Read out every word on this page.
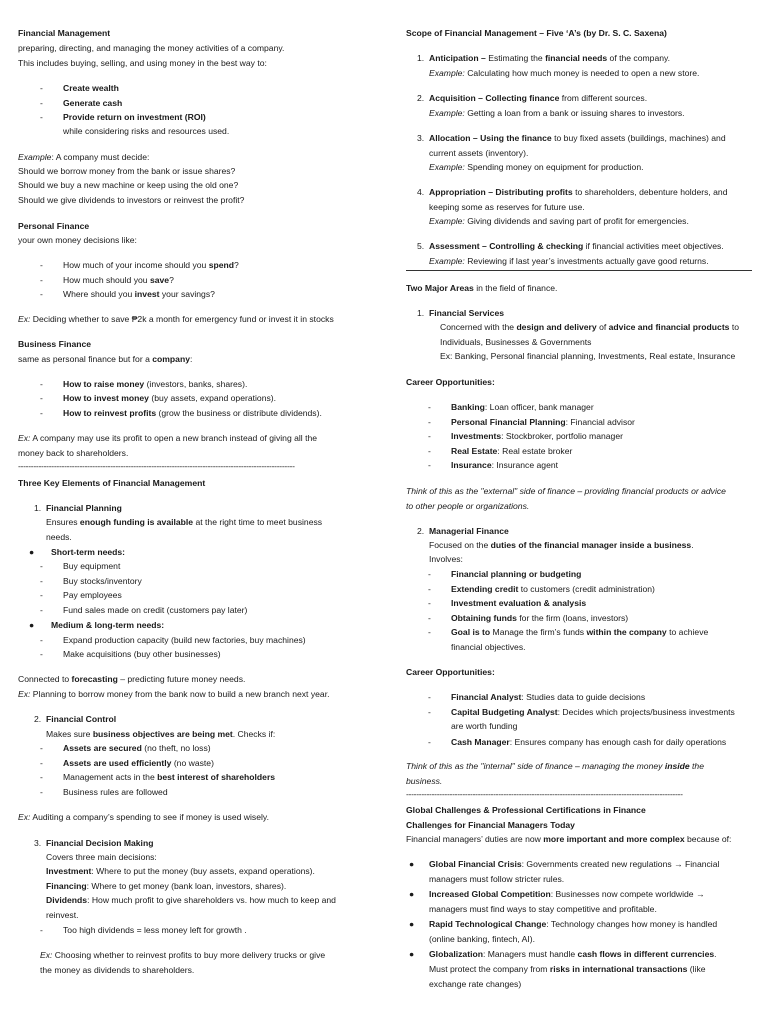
Financial Management
preparing, directing, and managing the money activities of a company.
This includes buying, selling, and using money in the best way to:
- Create wealth
- Generate cash
- Provide return on investment (ROI)
while considering risks and resources used.
Example: A company must decide:
Should we borrow money from the bank or issue shares?
Should we buy a new machine or keep using the old one?
Should we give dividends to investors or reinvest the profit?
Personal Finance
your own money decisions like:
- How much of your income should you spend?
- How much should you save?
- Where should you invest your savings?
Ex: Deciding whether to save ₱2k a month for emergency fund or invest it in stocks
Business Finance
same as personal finance but for a company:
- How to raise money (investors, banks, shares).
- How to invest money (buy assets, expand operations).
- How to reinvest profits (grow the business or distribute dividends).
Ex: A company may use its profit to open a new branch instead of giving all the
money back to shareholders.
------------------------------------------------------------------------------------------------------------
Three Key Elements of Financial Management
1. Financial Planning
Ensures enough funding is available at the right time to meet business
needs.
● Short-term needs:
- Buy equipment
- Buy stocks/inventory
- Pay employees
- Fund sales made on credit (customers pay later)
● Medium & long-term needs:
- Expand production capacity (build new factories, buy machines)
- Make acquisitions (buy other businesses)
Connected to forecasting – predicting future money needs.
Ex: Planning to borrow money from the bank now to build a new branch next year.
2. Financial Control
Makes sure business objectives are being met. Checks if:
- Assets are secured (no theft, no loss)
- Assets are used efficiently (no waste)
- Management acts in the best interest of shareholders
- Business rules are followed
Ex: Auditing a company’s spending to see if money is used wisely.
3. Financial Decision Making
Covers three main decisions:
Investment: Where to put the money (buy assets, expand operations).
Financing: Where to get money (bank loan, investors, shares).
Dividends: How much profit to give shareholders vs. how much to keep and
reinvest.
- Too high dividends = less money left for growth .
Ex: Choosing whether to reinvest profits to buy more delivery trucks or give
the money as dividends to shareholders.
Scope of Financial Management – Five ‘A’s (by Dr. S. C. Saxena)
1. Anticipation – Estimating the financial needs of the company.
Example: Calculating how much money is needed to open a new store.
2. Acquisition – Collecting finance from different sources.
Example: Getting a loan from a bank or issuing shares to investors.
3. Allocation – Using the finance to buy fixed assets (buildings, machines) and
current assets (inventory).
Example: Spending money on equipment for production.
4. Appropriation – Distributing profits to shareholders, debenture holders, and
keeping some as reserves for future use.
Example: Giving dividends and saving part of profit for emergencies.
5. Assessment – Controlling & checking if financial activities meet objectives.
Example: Reviewing if last year’s investments actually gave good returns.
Two Major Areas in the field of finance.
1. Financial Services
Concerned with the design and delivery of advice and financial products to
Individuals, Businesses & Governments
Ex: Banking, Personal financial planning, Investments, Real estate, Insurance
Career Opportunities:
- Banking: Loan officer, bank manager
- Personal Financial Planning: Financial advisor
- Investments: Stockbroker, portfolio manager
- Real Estate: Real estate broker
- Insurance: Insurance agent
Think of this as the "external" side of finance – providing financial products or advice
to other people or organizations.
2. Managerial Finance
Focused on the duties of the financial manager inside a business.
Involves:
- Financial planning or budgeting
- Extending credit to customers (credit administration)
- Investment evaluation & analysis
- Obtaining funds for the firm (loans, investors)
- Goal is to Manage the firm’s funds within the company to achieve
financial objectives.
Career Opportunities:
- Financial Analyst: Studies data to guide decisions
- Capital Budgeting Analyst: Decides which projects/business investments
are worth funding
- Cash Manager: Ensures company has enough cash for daily operations
Think of this as the "internal" side of finance – managing the money inside the
business.
------------------------------------------------------------------------------------------------------------
Global Challenges & Professional Certifications in Finance
Challenges for Financial Managers Today
Financial managers’ duties are now more important and more complex because of:
● Global Financial Crisis: Governments created new regulations → Financial
managers must follow stricter rules.
● Increased Global Competition: Businesses now compete worldwide →
managers must find ways to stay competitive and profitable.
● Rapid Technological Change: Technology changes how money is handled
(online banking, fintech, AI).
● Globalization: Managers must handle cash flows in different currencies.
Must protect the company from risks in international transactions (like
exchange rate changes)
